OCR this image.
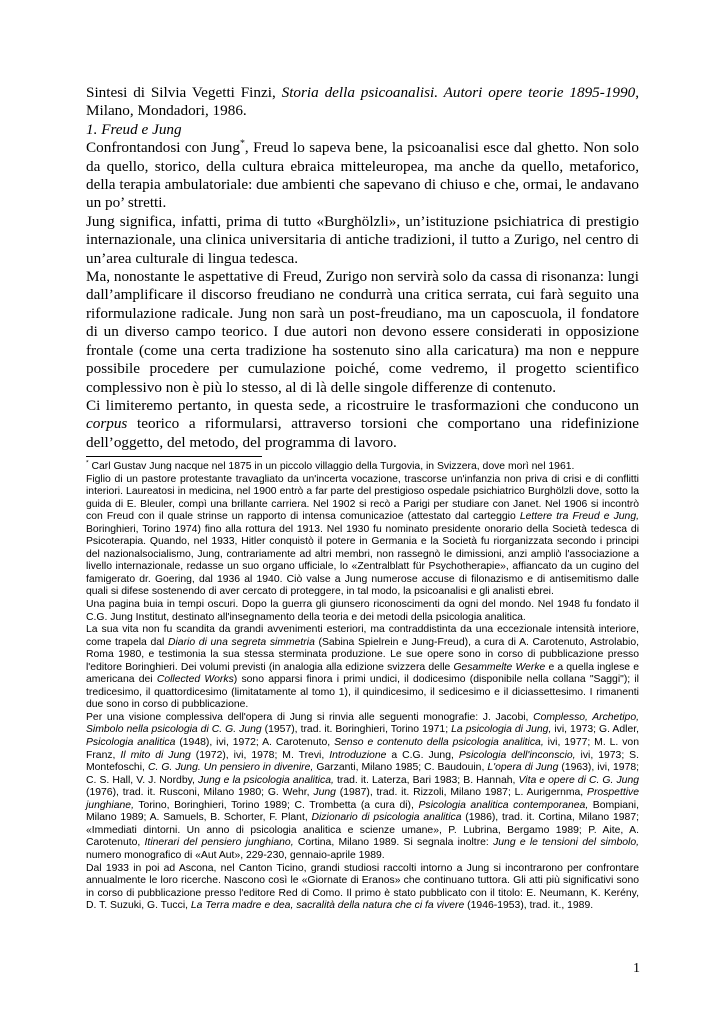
Sintesi di Silvia Vegetti Finzi, Storia della psicoanalisi. Autori opere teorie 1895-1990, Milano, Mondadori, 1986.

1. Freud e Jung

Confrontandosi con Jung*, Freud lo sapeva bene, la psicoanalisi esce dal ghetto. Non solo da quello, storico, della cultura ebraica mitteleuropea, ma anche da quello, metaforico, della terapia ambulatoriale: due ambienti che sapevano di chiuso e che, ormai, le andavano un po’ stretti.

Jung significa, infatti, prima di tutto «Burghölzli», un’istituzione psichiatrica di prestigio internazionale, una clinica universitaria di antiche tradizioni, il tutto a Zurigo, nel centro di un’area culturale di lingua tedesca.

Ma, nonostante le aspettative di Freud, Zurigo non servirà solo da cassa di risonanza: lungi dall’amplificare il discorso freudiano ne condurrà una critica serrata, cui farà seguito una riformulazione radicale. Jung non sarà un post-freudiano, ma un caposcuola, il fondatore di un diverso campo teorico. I due autori non devono essere considerati in opposizione frontale (come una certa tradizione ha sostenuto sino alla caricatura) ma non e neppure possibile procedere per cumulazione poiché, come vedremo, il progetto scientifico complessivo non è più lo stesso, al di là delle singole differenze di contenuto.

Ci limiteremo pertanto, in questa sede, a ricostruire le trasformazioni che conducono un corpus teorico a riformularsi, attraverso torsioni che comportano una ridefinizione dell’oggetto, del metodo, del programma di lavoro.

* Carl Gustav Jung nacque nel 1875 in un piccolo villaggio della Turgovia, in Svizzera, dove morì nel 1961.

Figlio di un pastore protestante travagliato da un'incerta vocazione, trascorse un'infanzia non priva di crisi e di conflitti interiori. Laureatosi in medicina, nel 1900 entrò a far parte del prestigioso ospedale psichiatrico Burghölzli dove, sotto la guida di E. Bleuler, compì una brillante carriera. Nel 1902 si recò a Parigi per studiare con Janet. Nel 1906 si incontrò con Freud con il quale strinse un rapporto di intensa comunicazioe (attestato dal carteggio Lettere tra Freud e Jung, Boringhieri, Torino 1974) fino alla rottura del 1913. Nel 1930 fu nominato presidente onorario della Società tedesca di Psicoterapia. Quando, nel 1933, Hitler conquistò il potere in Germania e la Società fu riorganizzata secondo i principi del nazionalsocialismo, Jung, contrariamente ad altri membri, non rassegnò le dimissioni, anzi ampliò l'associazione a livello internazionale, redasse un suo organo ufficiale, lo «Zentralblatt für Psychotherapie», affiancato da un cugino del famigerato dr. Goering, dal 1936 al 1940. Ciò valse a Jung numerose accuse di filonazismo e di antisemitismo dalle quali si difese sostenendo di aver cercato di proteggere, in tal modo, la psicoanalisi e gli analisti ebrei.

Una pagina buia in tempi oscuri. Dopo la guerra gli giunsero riconoscimenti da ogni del mondo. Nel 1948 fu fondato il C.G. Jung Institut, destinato all'insegnamento della teoria e dei metodi della psicologia analitica.

La sua vita non fu scandita da grandi avvenimenti esteriori, ma contraddistinta da una eccezionale intensità interiore, come trapela dal Diario di una segreta simmetria (Sabina Spielrein e Jung-Freud), a cura di A. Carotenuto, Astrolabio, Roma 1980, e testimonia la sua stessa sterminata produzione. Le sue opere sono in corso di pubblicazione presso l'editore Boringhieri. Dei volumi previsti (in analogia alla edizione svizzera delle Gesammelte Werke e a quella inglese e americana dei Collected Works) sono apparsi finora i primi undici, il dodicesimo (disponibile nella collana "Saggi"); il tredicesimo, il quattordicesimo (limitatamente al tomo 1), il quindicesimo, il sedicesimo e il diciassettesimo. I rimanenti due sono in corso di pubblicazione.

Per una visione complessiva dell'opera di Jung si rinvia alle seguenti monografie: J. Jacobi, Complesso, Archetipo, Simbolo nella psicologia di C. G. Jung (1957), trad. it. Boringhieri, Torino 1971; La psicologia di Jung, ivi, 1973; G. Adler, Psicologia analitica (1948), ivi, 1972; A. Carotenuto, Senso e contenuto della psicologia analitica, ivi, 1977; M. L. von Franz, Il mito di Jung (1972), ivi, 1978; M. Trevi, Introduzione a C.G. Jung, Psicologia dell'inconscio, ivi, 1973; S. Montefoschi, C. G. Jung. Un pensiero in divenire, Garzanti, Milano 1985; C. Baudouin, L'opera di Jung (1963), ivi, 1978; C. S. Hall, V. J. Nordby, Jung e la psicologia analitica, trad. it. Laterza, Bari 1983; B. Hannah, Vita e opere di C. G. Jung (1976), trad. it. Rusconi, Milano 1980; G. Wehr, Jung (1987), trad. it. Rizzoli, Milano 1987; L. Aurigernma, Prospettive junghiane, Torino, Boringhieri, Torino 1989; C. Trombetta (a cura di), Psicologia analitica contemporanea, Bompiani, Milano 1989; A. Samuels, B. Schorter, F. Plant, Dizionario di psicologia analitica (1986), trad. it. Cortina, Milano 1987; «Immediati dintorni. Un anno di psicologia analitica e scienze umane», P. Lubrina, Bergamo 1989; P. Aite, A. Carotenuto, Itinerari del pensiero junghiano, Cortina, Milano 1989. Si segnala inoltre: Jung e le tensioni del simbolo, numero monografico di «Aut Aut», 229-230, gennaio-aprile 1989.

Dal 1933 in poi ad Ascona, nel Canton Ticino, grandi studiosi raccolti intorno a Jung si incontrarono per confrontare annualmente le loro ricerche. Nascono così le «Giornate di Eranos» che continuano tuttora. Gli atti più significativi sono in corso di pubblicazione presso l'editore Red di Como. Il primo è stato pubblicato con il titolo: E. Neumann, K. Kerény, D. T. Suzuki, G. Tucci, La Terra madre e dea, sacralità della natura che ci fa vivere (1946-1953), trad. it., 1989.

1
